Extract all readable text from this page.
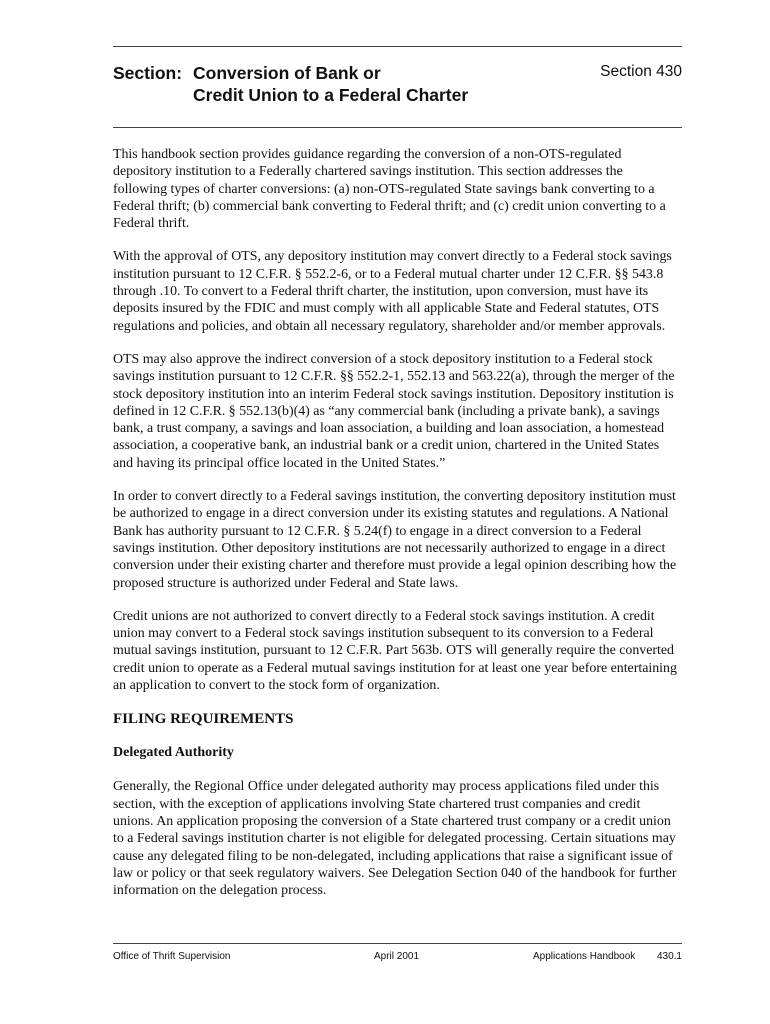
Section: Conversion of Bank or
Credit Union to a Federal Charter
Section 430

This handbook section provides guidance regarding the conversion of a non-OTS-regulated depository institution to a Federally chartered savings institution. This section addresses the following types of charter conversions: (a) non-OTS-regulated State savings bank converting to a Federal thrift; (b) commercial bank converting to Federal thrift; and (c) credit union converting to a Federal thrift.

With the approval of OTS, any depository institution may convert directly to a Federal stock savings institution pursuant to 12 C.F.R. § 552.2-6, or to a Federal mutual charter under 12 C.F.R. §§ 543.8 through .10. To convert to a Federal thrift charter, the institution, upon conversion, must have its deposits insured by the FDIC and must comply with all applicable State and Federal statutes, OTS regulations and policies, and obtain all necessary regulatory, shareholder and/or member approvals.

OTS may also approve the indirect conversion of a stock depository institution to a Federal stock savings institution pursuant to 12 C.F.R. §§ 552.2-1, 552.13 and 563.22(a), through the merger of the stock depository institution into an interim Federal stock savings institution. Depository institution is defined in 12 C.F.R. § 552.13(b)(4) as “any commercial bank (including a private bank), a savings bank, a trust company, a savings and loan association, a building and loan association, a homestead association, a cooperative bank, an industrial bank or a credit union, chartered in the United States and having its principal office located in the United States.”

In order to convert directly to a Federal savings institution, the converting depository institution must be authorized to engage in a direct conversion under its existing statutes and regulations. A National Bank has authority pursuant to 12 C.F.R. § 5.24(f) to engage in a direct conversion to a Federal savings institution. Other depository institutions are not necessarily authorized to engage in a direct conversion under their existing charter and therefore must provide a legal opinion describing how the proposed structure is authorized under Federal and State laws.

Credit unions are not authorized to convert directly to a Federal stock savings institution. A credit union may convert to a Federal stock savings institution subsequent to its conversion to a Federal mutual savings institution, pursuant to 12 C.F.R. Part 563b. OTS will generally require the converted credit union to operate as a Federal mutual savings institution for at least one year before entertaining an application to convert to the stock form of organization.

FILING REQUIREMENTS
Delegated Authority

Generally, the Regional Office under delegated authority may process applications filed under this section, with the exception of applications involving State chartered trust companies and credit unions. An application proposing the conversion of a State chartered trust company or a credit union to a Federal savings institution charter is not eligible for delegated processing. Certain situations may cause any delegated filing to be non-delegated, including applications that raise a significant issue of law or policy or that seek regulatory waivers. See Delegation Section 040 of the handbook for further information on the delegation process.

Office of Thrift Supervision	April 2001	Applications Handbook 430.1
